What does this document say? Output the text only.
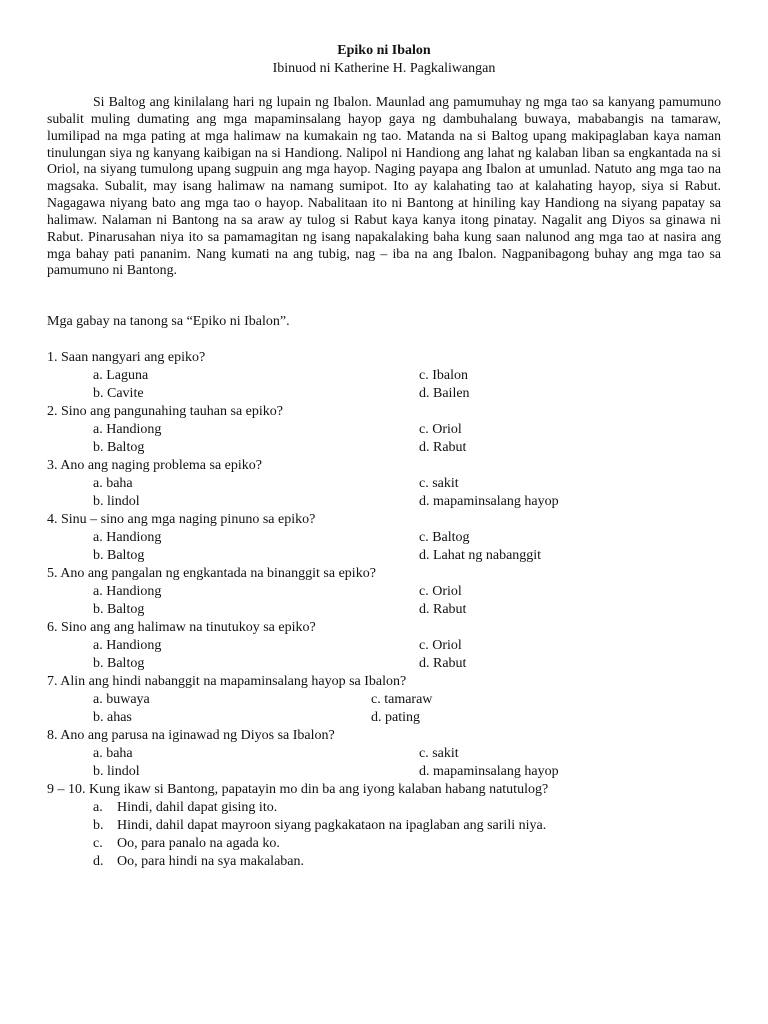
Epiko ni Ibalon
Ibinuod ni Katherine H. Pagkaliwangan

Si Baltog ang kinilalang hari ng lupain ng Ibalon. Maunlad ang pamumuhay ng mga tao sa kanyang pamumuno subalit muling dumating ang mga mapaminsalang hayop gaya ng dambuhalang buwaya, mababangis na tamaraw, lumilipad na mga pating at mga halimaw na kumakain ng tao. Matanda na si Baltog upang makipaglaban kaya naman tinulungan siya ng kanyang kaibigan na si Handiong. Nalipol ni Handiong ang lahat ng kalaban liban sa engkantada na si Oriol, na siyang tumulong upang sugpuin ang mga hayop. Naging payapa ang Ibalon at umunlad. Natuto ang mga tao na magsaka. Subalit, may isang halimaw na namang sumipot. Ito ay kalahating tao at kalahating hayop, siya si Rabut. Nagagawa niyang bato ang mga tao o hayop. Nabalitaan ito ni Bantong at hiniling kay Handiong na siyang papatay sa halimaw. Nalaman ni Bantong na sa araw ay tulog si Rabut kaya kanya itong pinatay. Nagalit ang Diyos sa ginawa ni Rabut. Pinarusahan niya ito sa pamamagitan ng isang napakalaking baha kung saan nalunod ang mga tao at nasira ang mga bahay pati pananim. Nang kumati na ang tubig, nag – iba na ang Ibalon. Nagpanibagong buhay ang mga tao sa pamumuno ni Bantong.

Mga gabay na tanong sa “Epiko ni Ibalon”.
1. Saan nangyari ang epiko?
a. Laguna	c. Ibalon
b. Cavite	d. Bailen
2. Sino ang pangunahing tauhan sa epiko?
a. Handiong	c. Oriol
b. Baltog	d. Rabut
3. Ano ang naging problema sa epiko?
a. baha	c. sakit
b. lindol	d. mapaminsalang hayop
4. Sinu – sino ang mga naging pinuno sa epiko?
a. Handiong	c. Baltog
b. Baltog	d. Lahat ng nabanggit
5. Ano ang pangalan ng engkantada na binanggit sa epiko?
a. Handiong	c. Oriol
b. Baltog	d. Rabut
6. Sino ang ang halimaw na tinutukoy sa epiko?
a. Handiong	c. Oriol
b. Baltog	d. Rabut
7. Alin ang hindi nabanggit na mapaminsalang hayop sa Ibalon?
a. buwaya	c. tamaraw
b. ahas	d. pating
8. Ano ang parusa na iginawad ng Diyos sa Ibalon?
a. baha	c. sakit
b. lindol	d. mapaminsalang hayop
9 – 10. Kung ikaw si Bantong, papatayin mo din ba ang iyong kalaban habang natutulog?
a. Hindi, dahil dapat gising ito.
b. Hindi, dahil dapat mayroon siyang pagkakataon na ipaglaban ang sarili niya.
c. Oo, para panalo na agada ko.
d. Oo, para hindi na sya makalaban.
